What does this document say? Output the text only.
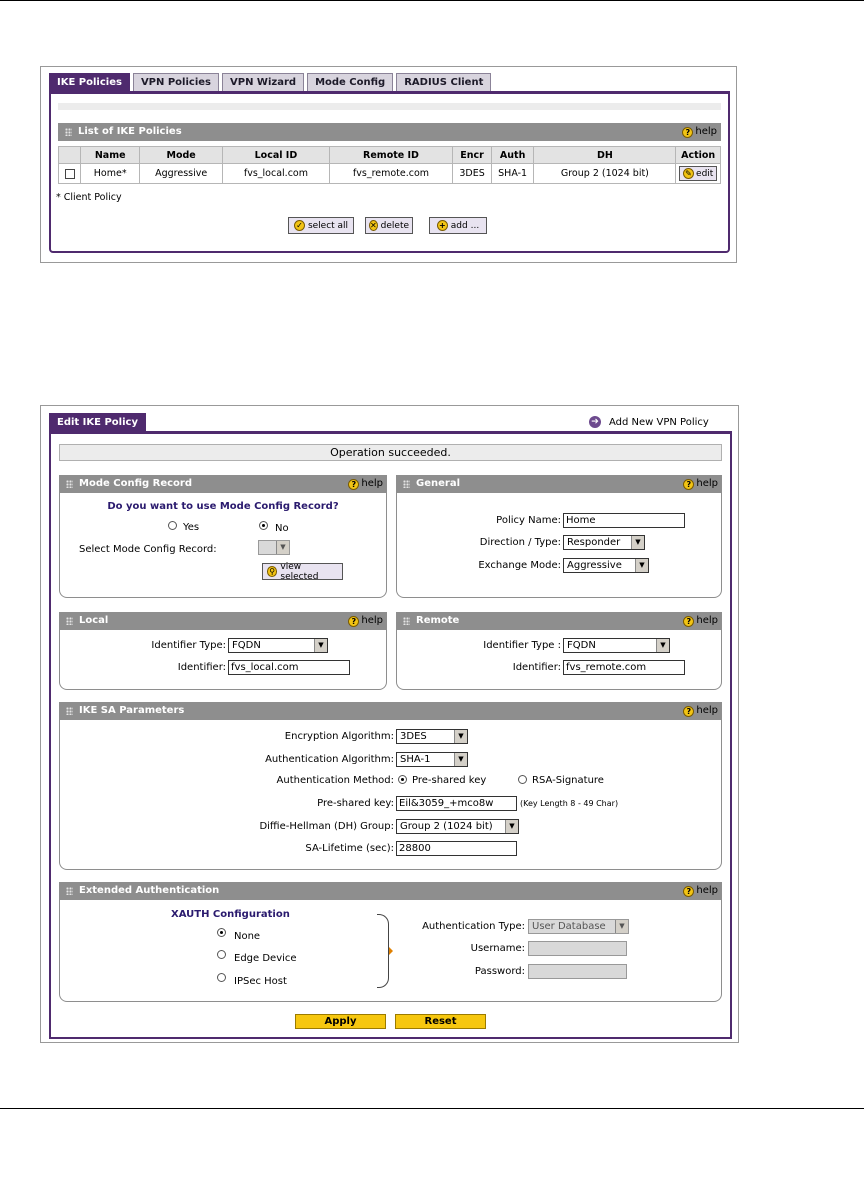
IKE Policies	VPN Policies	VPN Wizard	Mode Config	RADIUS Client
List of IKE Policies	? help
	Name	Mode	Local ID	Remote ID	Encr	Auth	DH	Action
	Home*	Aggressive	fvs_local.com	fvs_remote.com	3DES	SHA-1	Group 2 (1024 bit)	✎ edit
* Client Policy
✓ select all	✕ delete	+ add ...
Edit IKE Policy	➔ Add New VPN Policy
Operation succeeded.
Mode Config Record	? help
Do you want to use Mode Config Record?
Yes	No
Select Mode Config Record:	▼
⚲ view selected
General	? help
Policy Name: Home
Direction / Type: Responder	▼
Exchange Mode: Aggressive	▼
Local	? help
Identifier Type: FQDN	▼
Identifier: fvs_local.com
Remote	? help
Identifier Type : FQDN	▼
Identifier: fvs_remote.com
IKE SA Parameters	? help
Encryption Algorithm: 3DES	▼
Authentication Algorithm: SHA-1	▼
Authentication Method: Pre-shared key	RSA-Signature
Pre-shared key: Eil&3059_+mco8w	(Key Length 8 - 49 Char)
Diffie-Hellman (DH) Group: Group 2 (1024 bit)	▼
SA-Lifetime (sec): 28800
Extended Authentication	? help
XAUTH Configuration
None
Edge Device
IPSec Host
Authentication Type: User Database	▼
Username:
Password:
Apply	Reset
